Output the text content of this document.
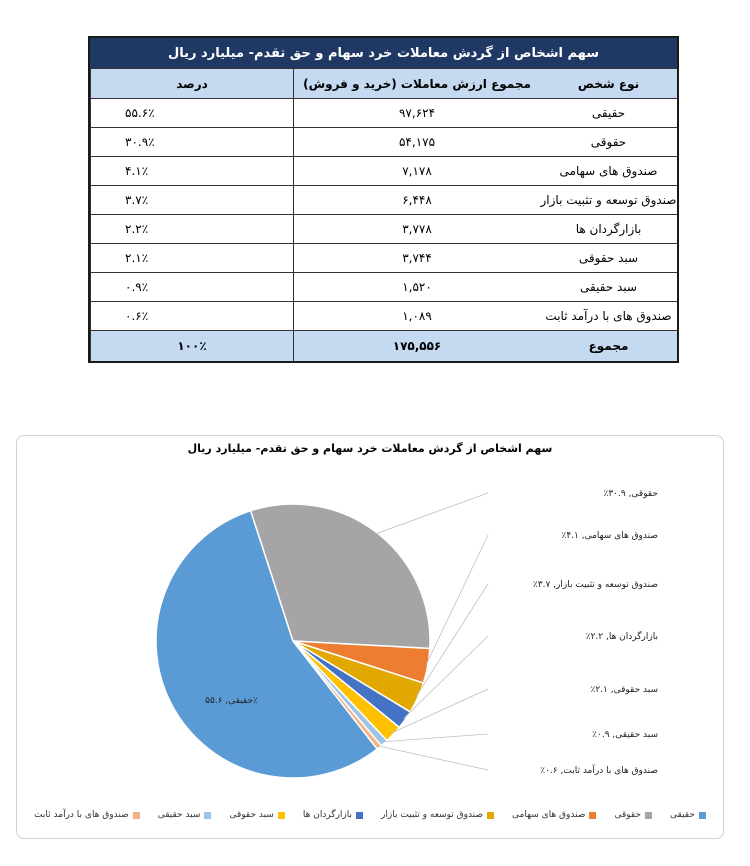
سهم اشخاص از گردش معاملات خرد سهام و حق تقدم- میلیارد ریال
نوع شخص
مجموع ارزش معاملات (خرید و فروش)
درصد
حقیقی
۹۷,۶۲۴
۵۵.۶٪
حقوقی
۵۴,۱۷۵
۳۰.۹٪
صندوق های سهامی
۷,۱۷۸
۴.۱٪
صندوق توسعه و تثبیت بازار
۶,۴۴۸
۳.۷٪
بازارگردان ها
۳,۷۷۸
۲.۲٪
سبد حقوقی
۳,۷۴۴
۲.۱٪
سبد حقیقی
۱,۵۲۰
۰.۹٪
صندوق های با درآمد ثابت
۱,۰۸۹
۰.۶٪
مجموع
۱۷۵,۵۵۶
۱۰۰٪
سهم اشخاص از گردش معاملات خرد سهام و حق تقدم- میلیارد ریال
حقیقی, ۵۵.۶٪
حقوقی, ۳۰.۹٪
صندوق های سهامی, ۴.۱٪
صندوق توسعه و تثبیت بازار, ۳.۷٪
بازارگردان ها, ۲.۲٪
سبد حقوقی, ۲.۱٪
سبد حقیقی, ۰.۹٪
صندوق های با درآمد ثابت, ۰.۶٪
حقیقی
حقوقی
صندوق های سهامی
صندوق توسعه و تثبیت بازار
بازارگردان ها
سبد حقوقی
سبد حقیقی
صندوق های با درآمد ثابت
